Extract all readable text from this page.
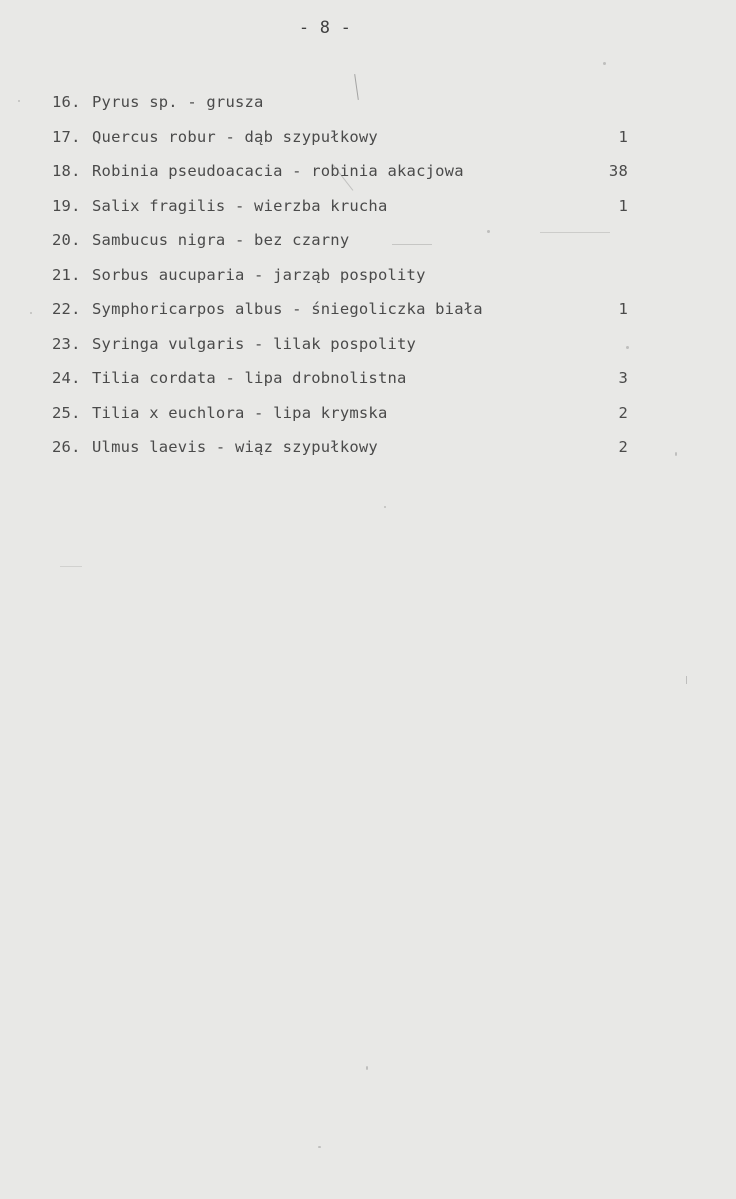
- 8 -
16. Pyrus sp. - grusza
17. Quercus robur - dąb szypułkowy	1
18. Robinia pseudoacacia - robinia akacjowa	38
19. Salix fragilis - wierzba krucha	1
20. Sambucus nigra - bez czarny
21. Sorbus aucuparia - jarząb pospolity
22. Symphoricarpos albus - śniegoliczka biała	1
23. Syringa vulgaris - lilak pospolity
24. Tilia cordata - lipa drobnolistna	3
25. Tilia x euchlora - lipa krymska	2
26. Ulmus laevis - wiąz szypułkowy	2
